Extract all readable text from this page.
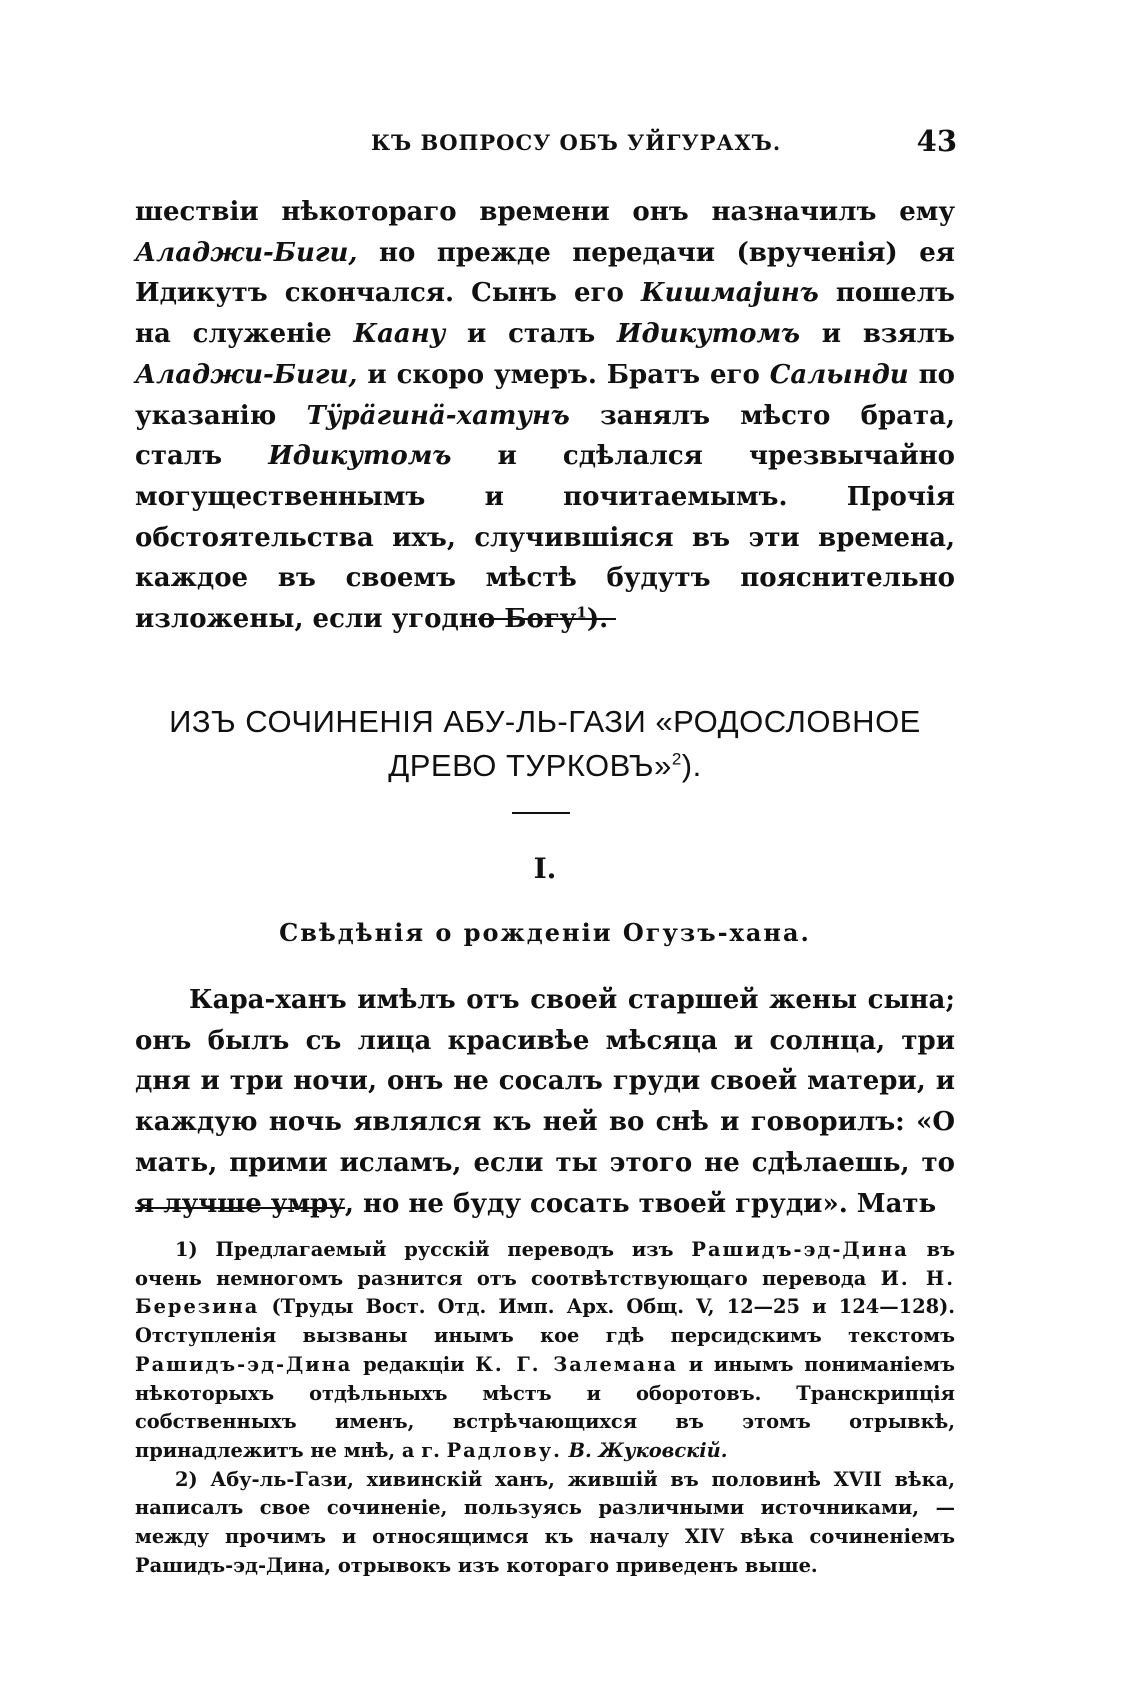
КЪ ВОПРОСУ ОБЪ УЙГУРАХЪ.	43

шествіи нѣкотораго времени онъ назначилъ ему Аладжи-Биги, но прежде передачи (врученія) ея Идикутъ скончался. Сынъ его Кишмаjинъ пошелъ на служеніе Каану и сталъ Идикутомъ и взялъ Аладжи-Биги, и скоро умеръ. Братъ его Салынди по указанію Тӱрӓгинӓ-хатунъ занялъ мѣсто брата, сталъ Идикутомъ и сдѣлался чрезвычайно могущественнымъ и почитаемымъ. Прочія обстоятельства ихъ, случившіяся въ эти времена, каждое въ своемъ мѣстѣ будутъ пояснительно изложены, если угодно Богу$^1$).

ИЗЪ СОЧИНЕНІЯ АБУ-ЛЬ-ГАЗИ «РОДОСЛОВНОЕ ДРЕВО ТУРКОВЪ»$^2$).
I.
Свѣдѣнія о рожденіи Огузъ-хана.

Кара-ханъ имѣлъ отъ своей старшей жены сына; онъ былъ съ лица красивѣе мѣсяца и солнца, три дня и три ночи, онъ не сосалъ груди своей матери, и каждую ночь являлся къ ней во снѣ и говорилъ: «О мать, прими исламъ, если ты этого не сдѣлаешь, то я лучше умру, но не буду сосать твоей груди». Мать

1) Предлагаемый русскій переводъ изъ Рашидъ-эд-Дина въ очень немногомъ разнится отъ соотвѣтствующаго перевода И. Н. Березина (Труды Вост. Отд. Имп. Арх. Общ. V, 12—25 и 124—128). Отступленія вызваны инымъ кое гдѣ персидскимъ текстомъ Рашидъ-эд-Дина редакціи К. Г. Залемана и инымъ пониманіемъ нѣкоторыхъ отдѣльныхъ мѣстъ и оборотовъ. Транскрипція собственныхъ именъ, встрѣчающихся въ этомъ отрывкѣ, принадлежитъ не мнѣ, а г. Радлову. В. Жуковскій.

2) Абу-ль-Гази, хивинскій ханъ, жившій въ половинѣ XVII вѣка, написалъ свое сочиненіе, пользуясь различными источниками, — между прочимъ и относящимся къ началу XIV вѣка сочиненіемъ Рашидъ-эд-Дина, отрывокъ изъ котораго приведенъ выше.
